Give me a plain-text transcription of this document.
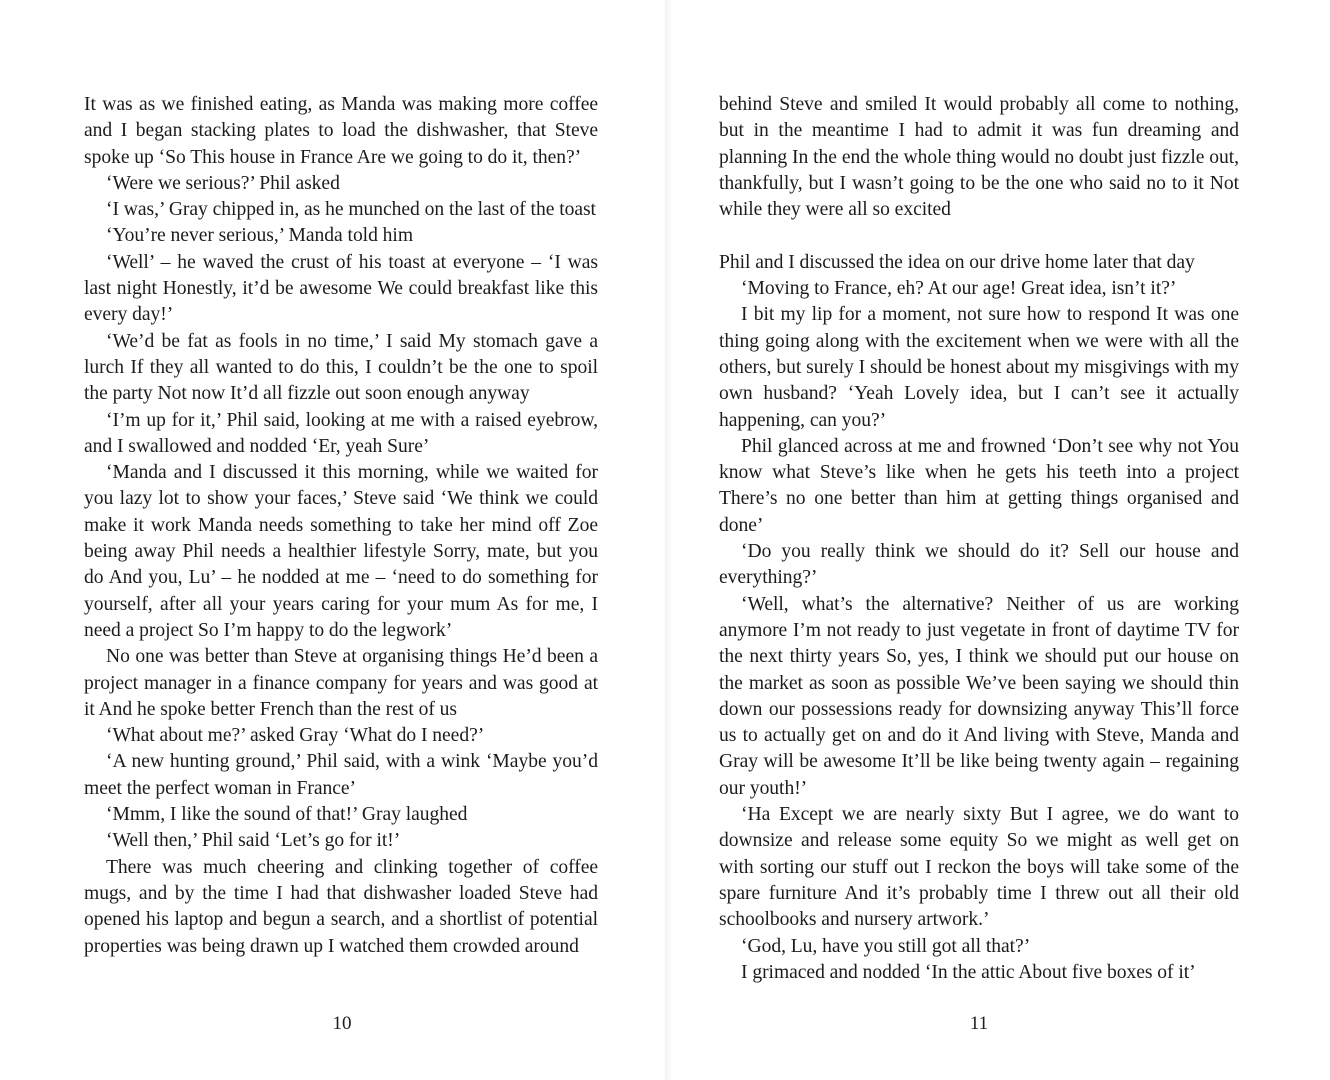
It was as we finished eating, as Manda was making more coffee and I began stacking plates to load the dishwasher, that Steve spoke up ‘So This house in France Are we going to do it, then?’

‘Were we serious?’ Phil asked

‘I was,’ Gray chipped in, as he munched on the last of the toast

‘You’re never serious,’ Manda told him

‘Well’ – he waved the crust of his toast at everyone – ‘I was last night Honestly, it’d be awesome We could breakfast like this every day!’

‘We’d be fat as fools in no time,’ I said My stomach gave a lurch If they all wanted to do this, I couldn’t be the one to spoil the party Not now It’d all fizzle out soon enough anyway

‘I’m up for it,’ Phil said, looking at me with a raised eyebrow, and I swallowed and nodded ‘Er, yeah Sure’

‘Manda and I discussed it this morning, while we waited for you lazy lot to show your faces,’ Steve said ‘We think we could make it work Manda needs something to take her mind off Zoe being away Phil needs a healthier lifestyle Sorry, mate, but you do And you, Lu’ – he nodded at me – ‘need to do something for yourself, after all your years caring for your mum As for me, I need a project So I’m happy to do the legwork’

No one was better than Steve at organising things He’d been a project manager in a finance company for years and was good at it And he spoke better French than the rest of us

‘What about me?’ asked Gray ‘What do I need?’

‘A new hunting ground,’ Phil said, with a wink ‘Maybe you’d meet the perfect woman in France’

‘Mmm, I like the sound of that!’ Gray laughed

‘Well then,’ Phil said ‘Let’s go for it!’

There was much cheering and clinking together of coffee mugs, and by the time I had that dishwasher loaded Steve had opened his laptop and begun a search, and a shortlist of potential properties was being drawn up I watched them crowded around

10

behind Steve and smiled It would probably all come to nothing, but in the meantime I had to admit it was fun dreaming and planning In the end the whole thing would no doubt just fizzle out, thankfully, but I wasn’t going to be the one who said no to it Not while they were all so excited

Phil and I discussed the idea on our drive home later that day

‘Moving to France, eh? At our age! Great idea, isn’t it?’

I bit my lip for a moment, not sure how to respond It was one thing going along with the excitement when we were with all the others, but surely I should be honest about my misgivings with my own husband? ‘Yeah Lovely idea, but I can’t see it actually happening, can you?’

Phil glanced across at me and frowned ‘Don’t see why not You know what Steve’s like when he gets his teeth into a project There’s no one better than him at getting things organised and done’

‘Do you really think we should do it? Sell our house and everything?’

‘Well, what’s the alternative? Neither of us are working anymore I’m not ready to just vegetate in front of daytime TV for the next thirty years So, yes, I think we should put our house on the market as soon as possible We’ve been saying we should thin down our possessions ready for downsizing anyway This’ll force us to actually get on and do it And living with Steve, Manda and Gray will be awesome It’ll be like being twenty again – regaining our youth!’

‘Ha Except we are nearly sixty But I agree, we do want to downsize and release some equity So we might as well get on with sorting our stuff out I reckon the boys will take some of the spare furniture And it’s probably time I threw out all their old schoolbooks and nursery artwork.’

‘God, Lu, have you still got all that?’

I grimaced and nodded ‘In the attic About five boxes of it’

11
